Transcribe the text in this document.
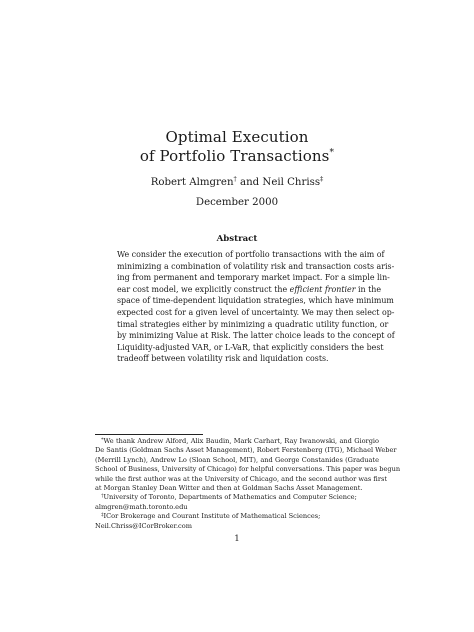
Optimal Execution
of Portfolio Transactions*
Robert Almgren† and Neil Chriss‡
December 2000
Abstract
We consider the execution of portfolio transactions with the aim of
minimizing a combination of volatility risk and transaction costs aris-
ing from permanent and temporary market impact. For a simple lin-
ear cost model, we explicitly construct the efficient frontier in the
space of time-dependent liquidation strategies, which have minimum
expected cost for a given level of uncertainty. We may then select op-
timal strategies either by minimizing a quadratic utility function, or
by minimizing Value at Risk. The latter choice leads to the concept of
Liquidity-adjusted VAR, or L-VaR, that explicitly considers the best
tradeoff between volatility risk and liquidation costs.
*We thank Andrew Alford, Alix Baudin, Mark Carhart, Ray Iwanowski, and Giorgio
De Santis (Goldman Sachs Asset Management), Robert Ferstenberg (ITG), Michael Weber
(Merrill Lynch), Andrew Lo (Sloan School, MIT), and George Constanides (Graduate
School of Business, University of Chicago) for helpful conversations. This paper was begun
while the first author was at the University of Chicago, and the second author was first
at Morgan Stanley Dean Witter and then at Goldman Sachs Asset Management.
†University of Toronto, Departments of Mathematics and Computer Science;
almgren@math.toronto.edu
‡ICor Brokerage and Courant Institute of Mathematical Sciences;
Neil.Chriss@ICorBroker.com
1
